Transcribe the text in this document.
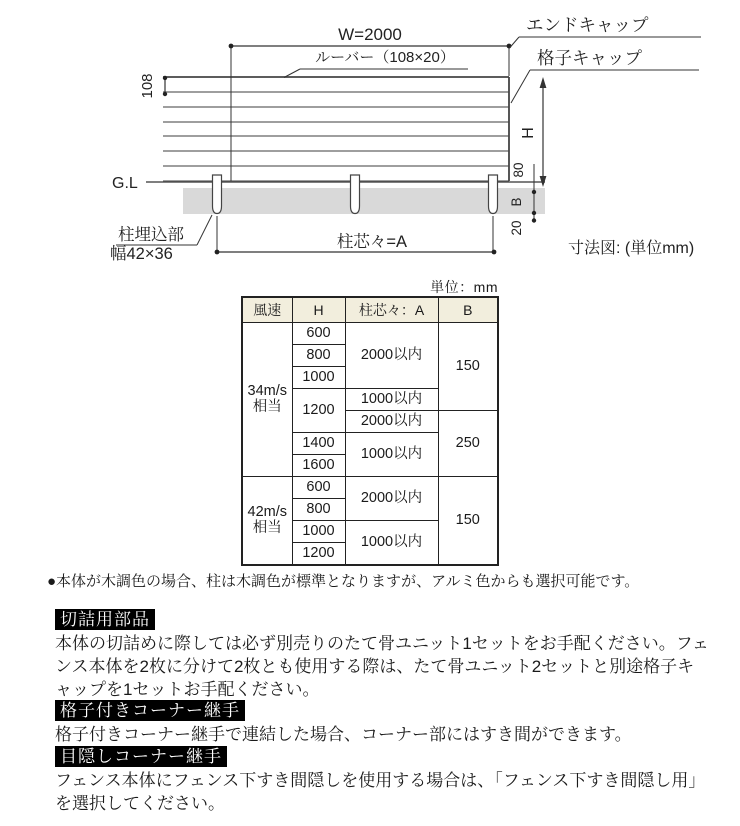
G.L
W=2000
ルーバー（108×20）
エンドキャップ
格子キャップ
108
H
80
B
20
柱埋込部
幅42×36
柱芯々=A	寸法図: (単位mm)
単位：mm
風速	H	柱芯々：A	B
34m/s相当	600	2000以内	150
	800		
	1000		
	1200	1000以内	
		2000以内	250
	1400	1000以内	
	1600		
42m/s相当	600	2000以内	150
	800		
	1000	1000以内	
	1200		
●本体が木調色の場合、柱は木調色が標準となりますが、アルミ色からも選択可能です。
切詰用部品
本体の切詰めに際しては必ず別売りのたて骨ユニット1セットをお手配ください。フェンス本体を2枚に分けて2枚とも使用する際は、たて骨ユニット2セットと別途格子キャップを1セットお手配ください。
格子付きコーナー継手
格子付きコーナー継手で連結した場合、コーナー部にはすき間ができます。
目隠しコーナー継手
フェンス本体にフェンス下すき間隠しを使用する場合は、「フェンス下すき間隠し用」を選択してください。
